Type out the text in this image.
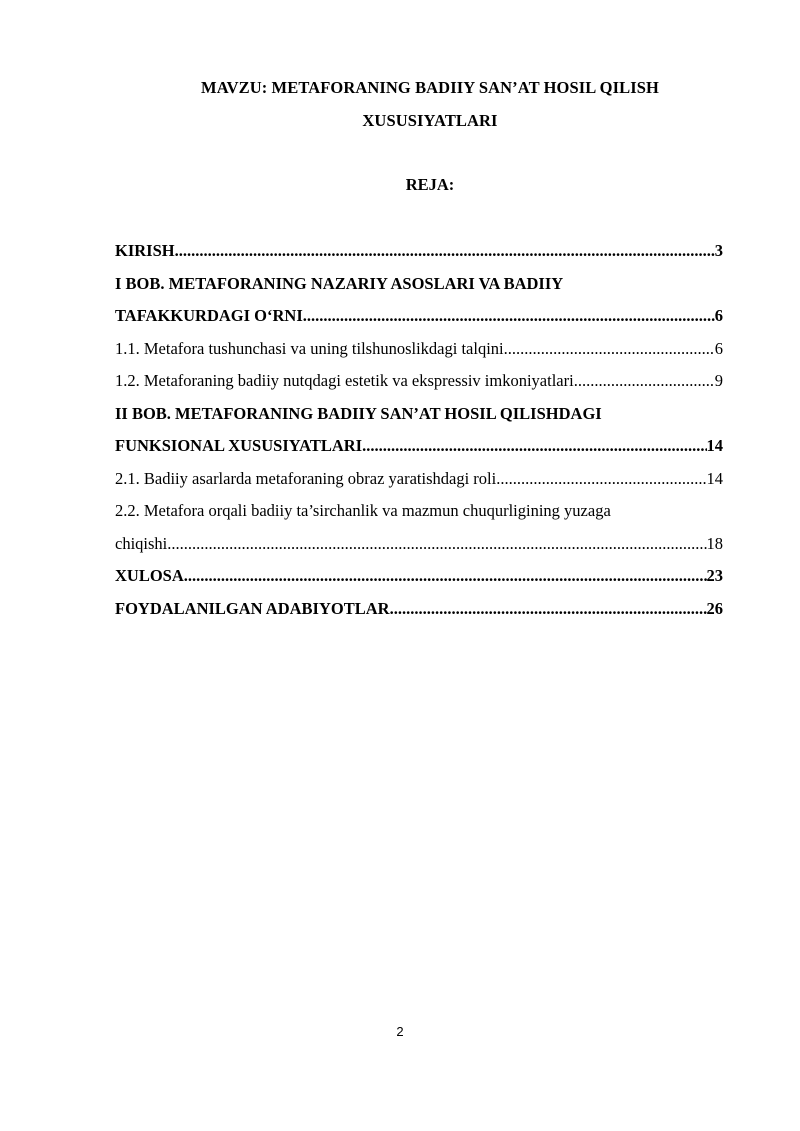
MAVZU: METAFORANING BADIIY SAN’AT HOSIL QILISH
XUSUSIYATLARI
REJA:
KIRISH .....	3
I BOB. METAFORANING NAZARIY ASOSLARI VA BADIIY
TAFAKKURDAGI O‘RNI .....	6
1.1. Metafora tushunchasi va uning tilshunoslikdagi talqini .....	6
1.2. Metaforaning badiiy nutqdagi estetik va ekspressiv imkoniyatlari .....	9
II BOB. METAFORANING BADIIY SAN’AT HOSIL QILISHDAGI
FUNKSIONAL XUSUSIYATLARI .....	14
2.1. Badiiy asarlarda metaforaning obraz yaratishdagi roli .....	14
2.2. Metafora orqali badiiy ta’sirchanlik va mazmun chuqurligining yuzaga
chiqishi .....	18
XULOSA .....	23
FOYDALANILGAN ADABIYOTLAR .....	26
2
